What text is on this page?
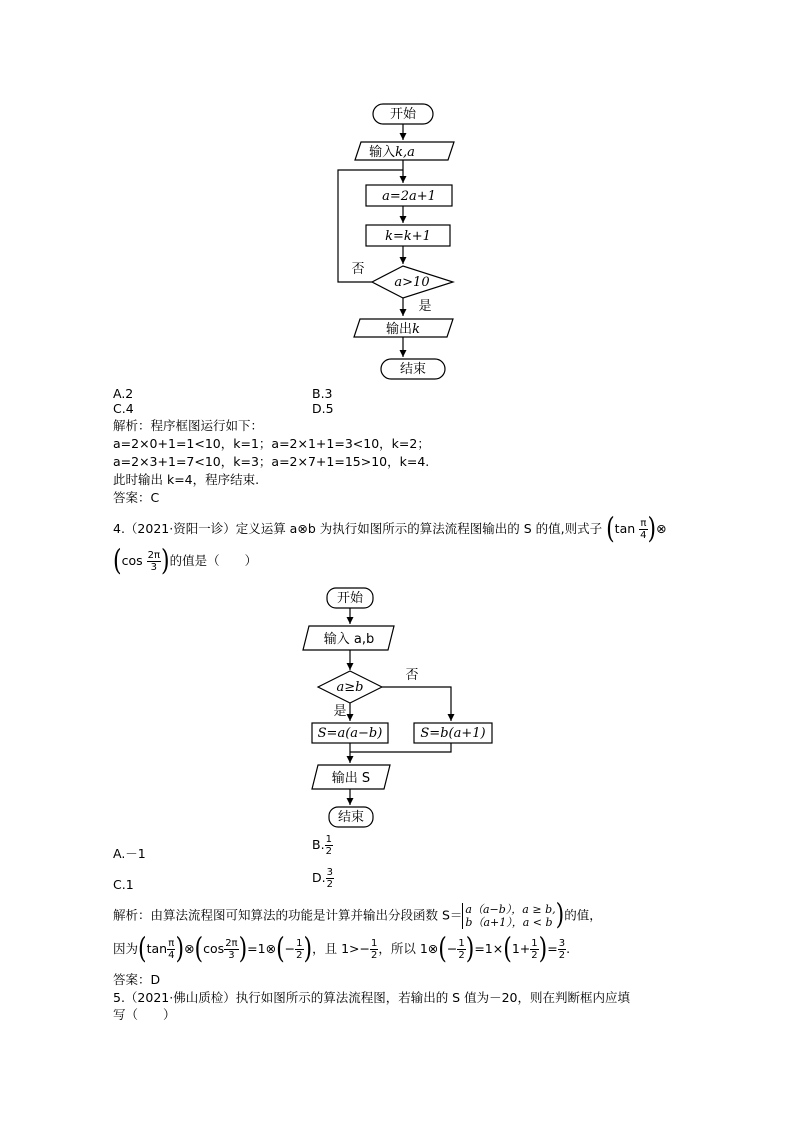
开始
输入k,a
a=2a+1
k=k+1
a>10
否
是
输出k
结束
A.2	B.3
C.4	D.5
解析：程序框图运行如下：
a=2×0+1=1<10，k=1；a=2×1+1=3<10，k=2；
a=2×3+1=7<10，k=3；a=2×7+1=15>10，k=4.
此时输出 k=4，程序结束.
答案：C
4.（2021·资阳一诊）定义运算 a⊗b 为执行如图所示的算法流程图输出的 S 的值,则式子 ($\tan \frac{\pi}{4}$ )⊗
($\cos \frac{2\pi}{3}$ )的值是（　　）
开始
输入 a,b
a≥b
否
是
S=a(a−b)	S=b(a+1)
输出 S
结束
A.－1
B. $\frac{1}{2}$
C.1	D. $\frac{3}{2}$
解析：由算法流程图可知算法的功能是计算并输出分段函数 S＝ a（a−b），a ≥ b,
b（a+1），a < b )的值，
因为($\tan \frac{\pi}{4}$ )⊗(cos $\frac{2\pi}{3}$ )=1⊗(− $\frac{1}{2}$ )，且 $1>- \frac{1}{2}$ ，所以 1⊗(− $\frac{1}{2} )=1\times(1+ \frac{1}{2}$ )= $\frac{3}{2}$ .
答案：D
5.（2021·佛山质检）执行如图所示的算法流程图，若输出的 S 值为－20，则在判断框内应填
写（　　）
